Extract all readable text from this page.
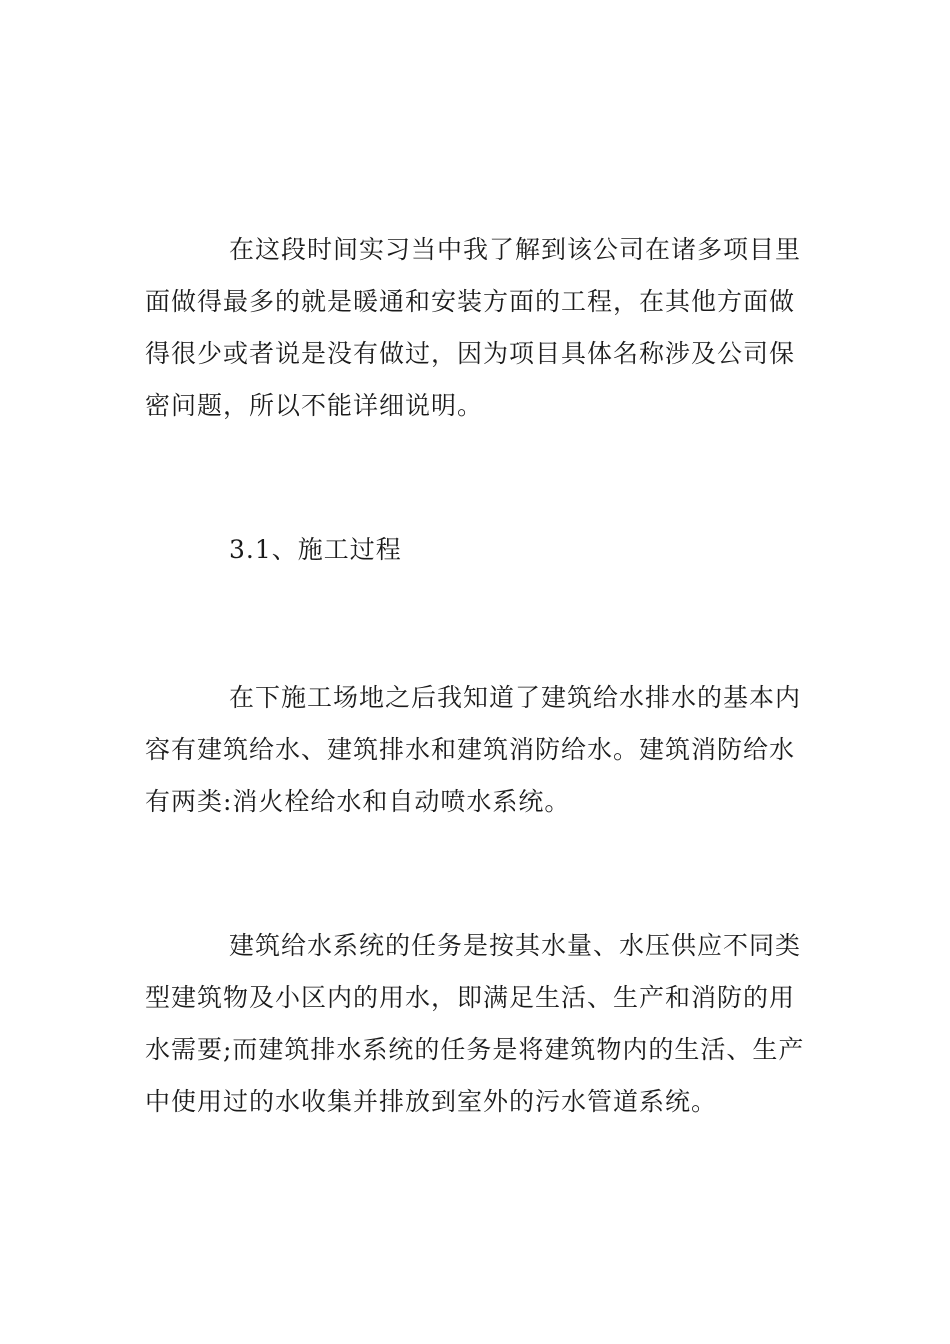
在这段时间实习当中我了解到该公司在诸多项目里
面做得最多的就是暖通和安装方面的工程，在其他方面做
得很少或者说是没有做过，因为项目具体名称涉及公司保
密问题，所以不能详细说明。
3.1、施工过程
在下施工场地之后我知道了建筑给水排水的基本内
容有建筑给水、建筑排水和建筑消防给水。建筑消防给水
有两类:消火栓给水和自动喷水系统。
建筑给水系统的任务是按其水量、水压供应不同类
型建筑物及小区内的用水，即满足生活、生产和消防的用
水需要;而建筑排水系统的任务是将建筑物内的生活、生产
中使用过的水收集并排放到室外的污水管道系统。
